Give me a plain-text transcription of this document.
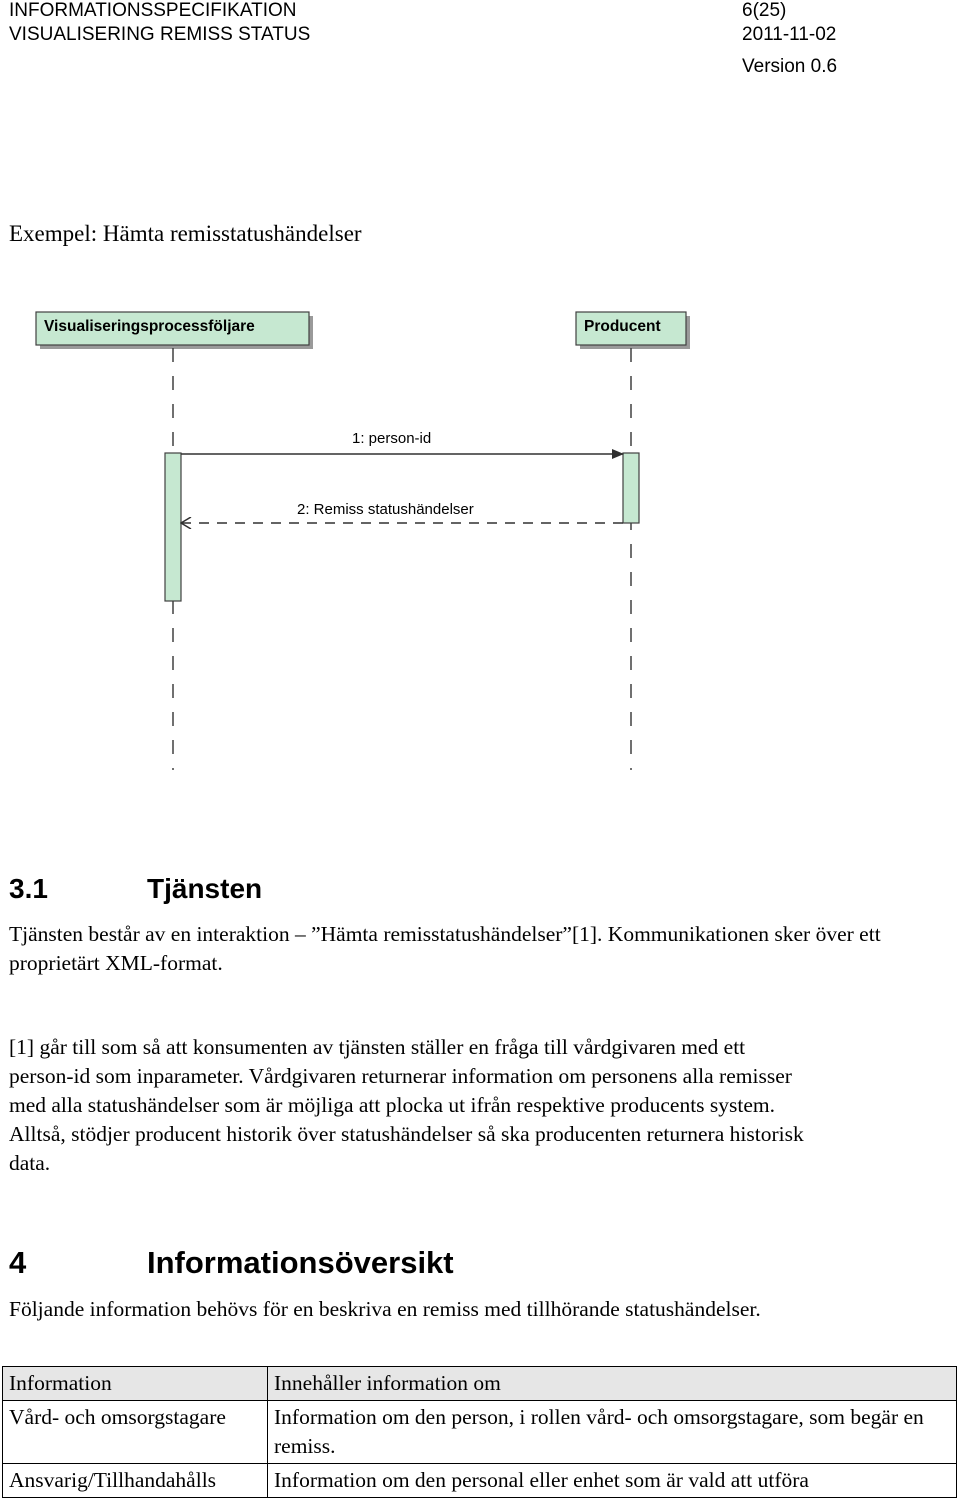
INFORMATIONSSPECIFIKATION
VISUALISERING REMISS STATUS
6(25)
2011-11-02
Version 0.6
Exempel: Hämta remisstatushändelser
Visualiseringsprocessföljare	Producent
1: person-id
2: Remiss statushändelser
3.1	Tjänsten

Tjänsten består av en interaktion – ”Hämta remisstatushändelser”[1]. Kommunikationen sker över ett proprietärt XML-format.

[1] går till som så att konsumenten av tjänsten ställer en fråga till vårdgivaren med ett
person-id som inparameter. Vårdgivaren returnerar information om personens alla remisser
med alla statushändelser som är möjliga att plocka ut ifrån respektive producents system.
Alltså, stödjer producent historik över statushändelser så ska producenten returnera historisk
data.
4	Informationsöversikt
Följande information behövs för en beskriva en remiss med tillhörande statushändelser.
Information	Innehåller information om
Vård- och omsorgstagare	Information om den person, i rollen vård- och omsorgstagare, som begär en remiss.
Ansvarig/Tillhandahålls	Information om den personal eller enhet som är vald att utföra
